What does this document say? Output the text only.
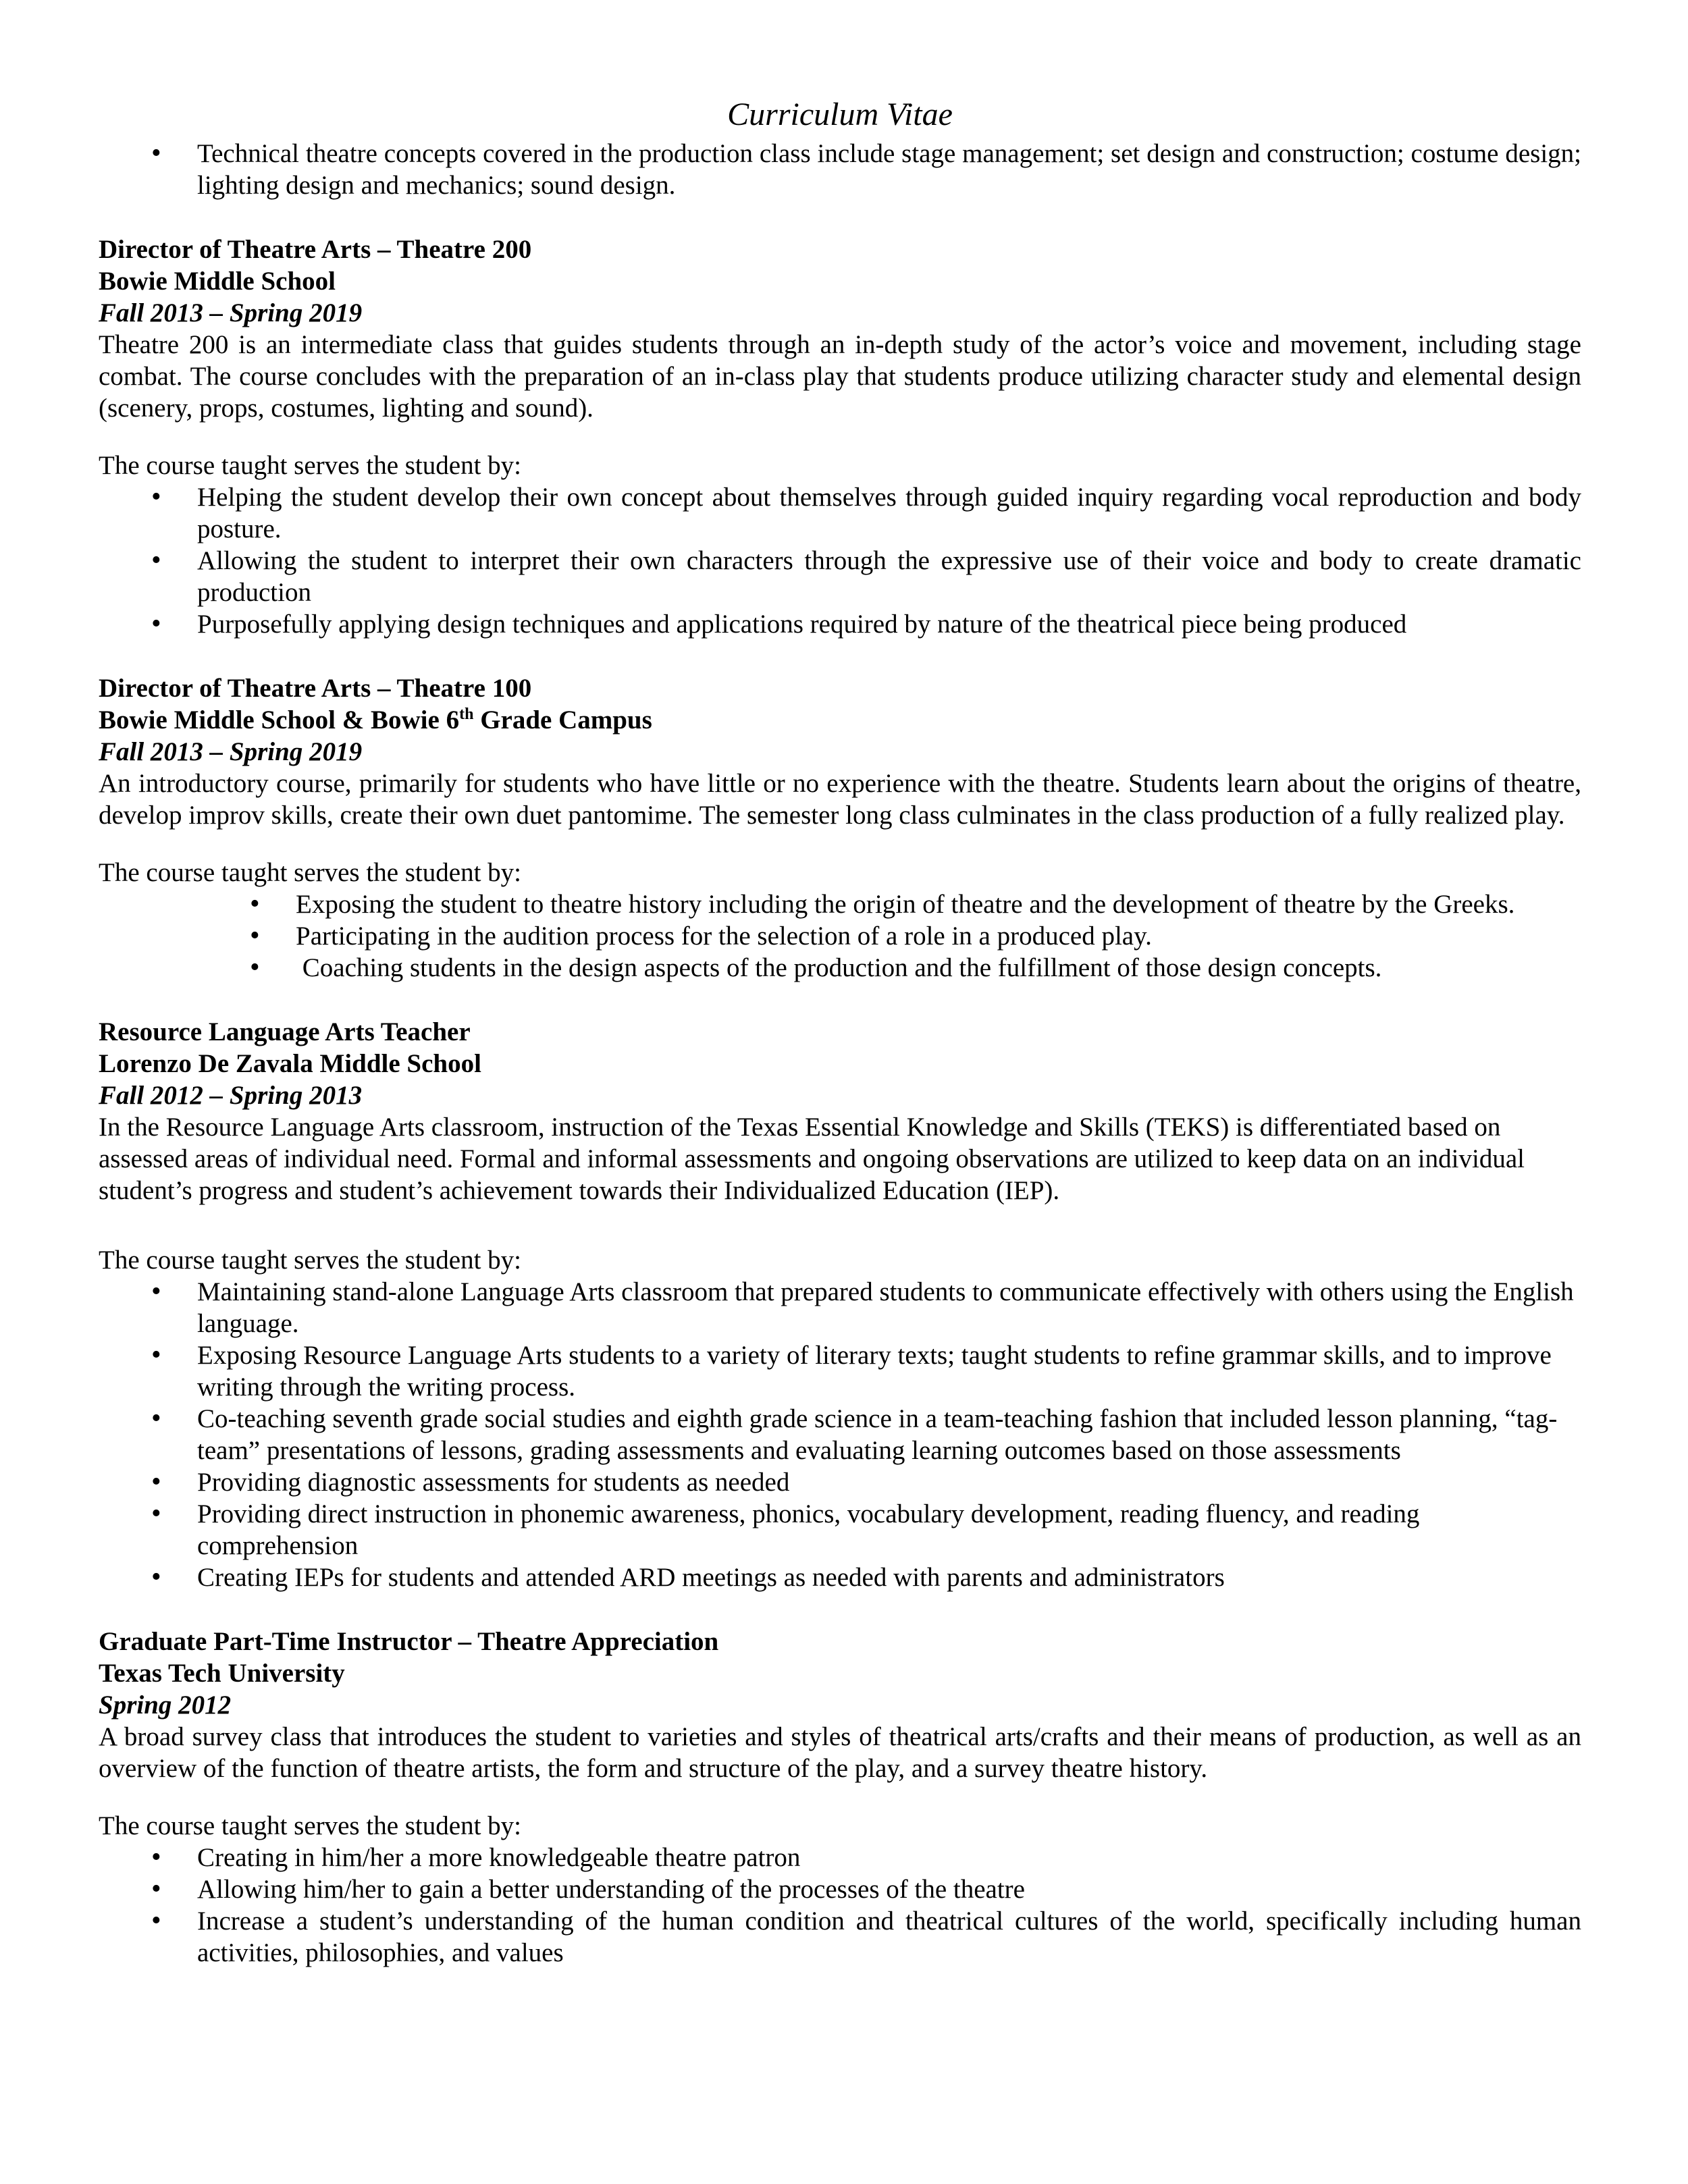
Curriculum Vitae
• Technical theatre concepts covered in the production class include stage management; set design and construction; costume design; lighting design and mechanics; sound design.
Director of Theatre Arts – Theatre 200
Bowie Middle School
Fall 2013 – Spring 2019

Theatre 200 is an intermediate class that guides students through an in-depth study of the actor’s voice and movement, including stage combat. The course concludes with the preparation of an in-class play that students produce utilizing character study and elemental design (scenery, props, costumes, lighting and sound).

The course taught serves the student by:

• Helping the student develop their own concept about themselves through guided inquiry regarding vocal reproduction and body posture.
• Allowing the student to interpret their own characters through the expressive use of their voice and body to create dramatic production
• Purposefully applying design techniques and applications required by nature of the theatrical piece being produced
Director of Theatre Arts – Theatre 100
Bowie Middle School & Bowie 6th Grade Campus
Fall 2013 – Spring 2019

An introductory course, primarily for students who have little or no experience with the theatre. Students learn about the origins of theatre, develop improv skills, create their own duet pantomime. The semester long class culminates in the class production of a fully realized play.

The course taught serves the student by:

• Exposing the student to theatre history including the origin of theatre and the development of theatre by the Greeks.
• Participating in the audition process for the selection of a role in a produced play.
•  Coaching students in the design aspects of the production and the fulfillment of those design concepts.
Resource Language Arts Teacher
Lorenzo De Zavala Middle School
Fall 2012 – Spring 2013

In the Resource Language Arts classroom, instruction of the Texas Essential Knowledge and Skills (TEKS) is differentiated based on assessed areas of individual need. Formal and informal assessments and ongoing observations are utilized to keep data on an individual student’s progress and student’s achievement towards their Individualized Education (IEP).

The course taught serves the student by:

• Maintaining stand-alone Language Arts classroom that prepared students to communicate effectively with others using the English language.
• Exposing Resource Language Arts students to a variety of literary texts; taught students to refine grammar skills, and to improve writing through the writing process.
• Co-teaching seventh grade social studies and eighth grade science in a team-teaching fashion that included lesson planning, “tag-team” presentations of lessons, grading assessments and evaluating learning outcomes based on those assessments
• Providing diagnostic assessments for students as needed
• Providing direct instruction in phonemic awareness, phonics, vocabulary development, reading fluency, and reading comprehension
• Creating IEPs for students and attended ARD meetings as needed with parents and administrators
Graduate Part-Time Instructor – Theatre Appreciation
Texas Tech University
Spring 2012

A broad survey class that introduces the student to varieties and styles of theatrical arts/crafts and their means of production, as well as an overview of the function of theatre artists, the form and structure of the play, and a survey theatre history.

The course taught serves the student by:

• Creating in him/her a more knowledgeable theatre patron
• Allowing him/her to gain a better understanding of the processes of the theatre
• Increase a student’s understanding of the human condition and theatrical cultures of the world, specifically including human activities, philosophies, and values
